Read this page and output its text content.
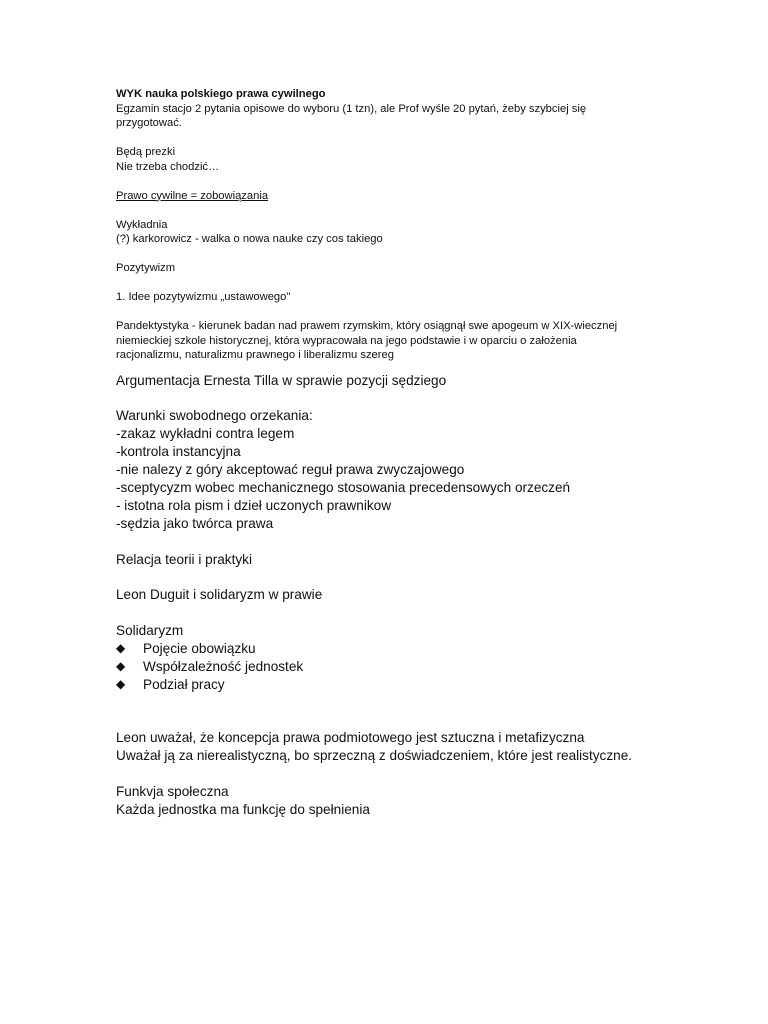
WYK nauka polskiego prawa cywilnego
Egzamin stacjo 2 pytania opisowe do wyboru (1 tzn), ale Prof wyśle 20 pytań, żeby szybciej się
przygotować.
Będą prezki
Nie trzeba chodzić…
Prawo cywilne = zobowiązania
Wykładnia
(?) karkorowicz - walka o nowa nauke czy cos takiego
Pozytywizm
1. Idee pozytywizmu „ustawowego"
Pandektystyka - kierunek badan nad prawem rzymskim, który osiągnął swe apogeum w XIX-wiecznej
niemieckiej szkole historycznej, która wypracowała na jego podstawie i w oparciu o założenia
racjonalizmu, naturalizmu prawnego i liberalizmu szereg
Argumentacja Ernesta Tilla w sprawie pozycji sędziego
Warunki swobodnego orzekania:
-zakaz wykładni contra legem
-kontrola instancyjna
-nie nalezy z góry akceptować reguł prawa zwyczajowego
-sceptycyzm wobec mechanicznego stosowania precedensowych orzeczeń
- istotna rola pism i dzieł uczonych prawnikow
-sędzia jako twórca prawa
Relacja teorii i praktyki
Leon Duguit i solidaryzm w prawie
Solidaryzm
◆	Pojęcie obowiązku
◆	Współzależność jednostek
◆	Podział pracy
Leon uważał, że koncepcja prawa podmiotowego jest sztuczna i metafizyczna
Uważał ją za nierealistyczną, bo sprzeczną z doświadczeniem, które jest realistyczne.
Funkvja społeczna
Każda jednostka ma funkcję do spełnienia
